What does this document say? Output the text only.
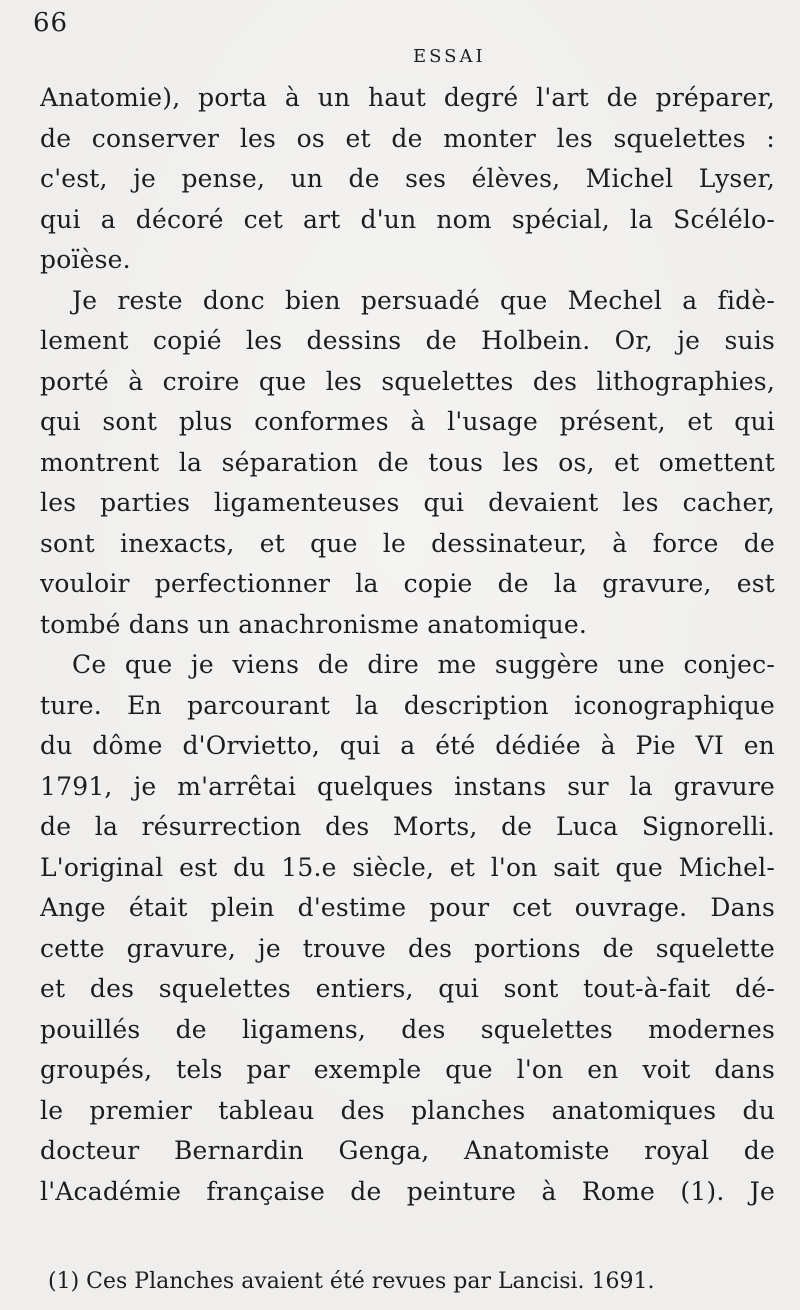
66
ESSAI
Anatomie), porta à un haut degré l'art de préparer,
de conserver les os et de monter les squelettes :
c'est, je pense, un de ses élèves, Michel Lyser,
qui a décoré cet art d'un nom spécial, la Scélélo-
poïèse.
Je reste donc bien persuadé que Mechel a fidè-
lement copié les dessins de Holbein. Or, je suis
porté à croire que les squelettes des lithographies,
qui sont plus conformes à l'usage présent, et qui
montrent la séparation de tous les os, et omettent
les parties ligamenteuses qui devaient les cacher,
sont inexacts, et que le dessinateur, à force de
vouloir perfectionner la copie de la gravure, est
tombé dans un anachronisme anatomique.
Ce que je viens de dire me suggère une conjec-
ture. En parcourant la description iconographique
du dôme d'Orvietto, qui a été dédiée à Pie VI en
1791, je m'arrêtai quelques instans sur la gravure
de la résurrection des Morts, de Luca Signorelli.
L'original est du 15.e siècle, et l'on sait que Michel-
Ange était plein d'estime pour cet ouvrage. Dans
cette gravure, je trouve des portions de squelette
et des squelettes entiers, qui sont tout-à-fait dé-
pouillés de ligamens, des squelettes modernes
groupés, tels par exemple que l'on en voit dans
le premier tableau des planches anatomiques du
docteur Bernardin Genga, Anatomiste royal de
l'Académie française de peinture à Rome (1). Je
(1) Ces Planches avaient été revues par Lancisi. 1691.
